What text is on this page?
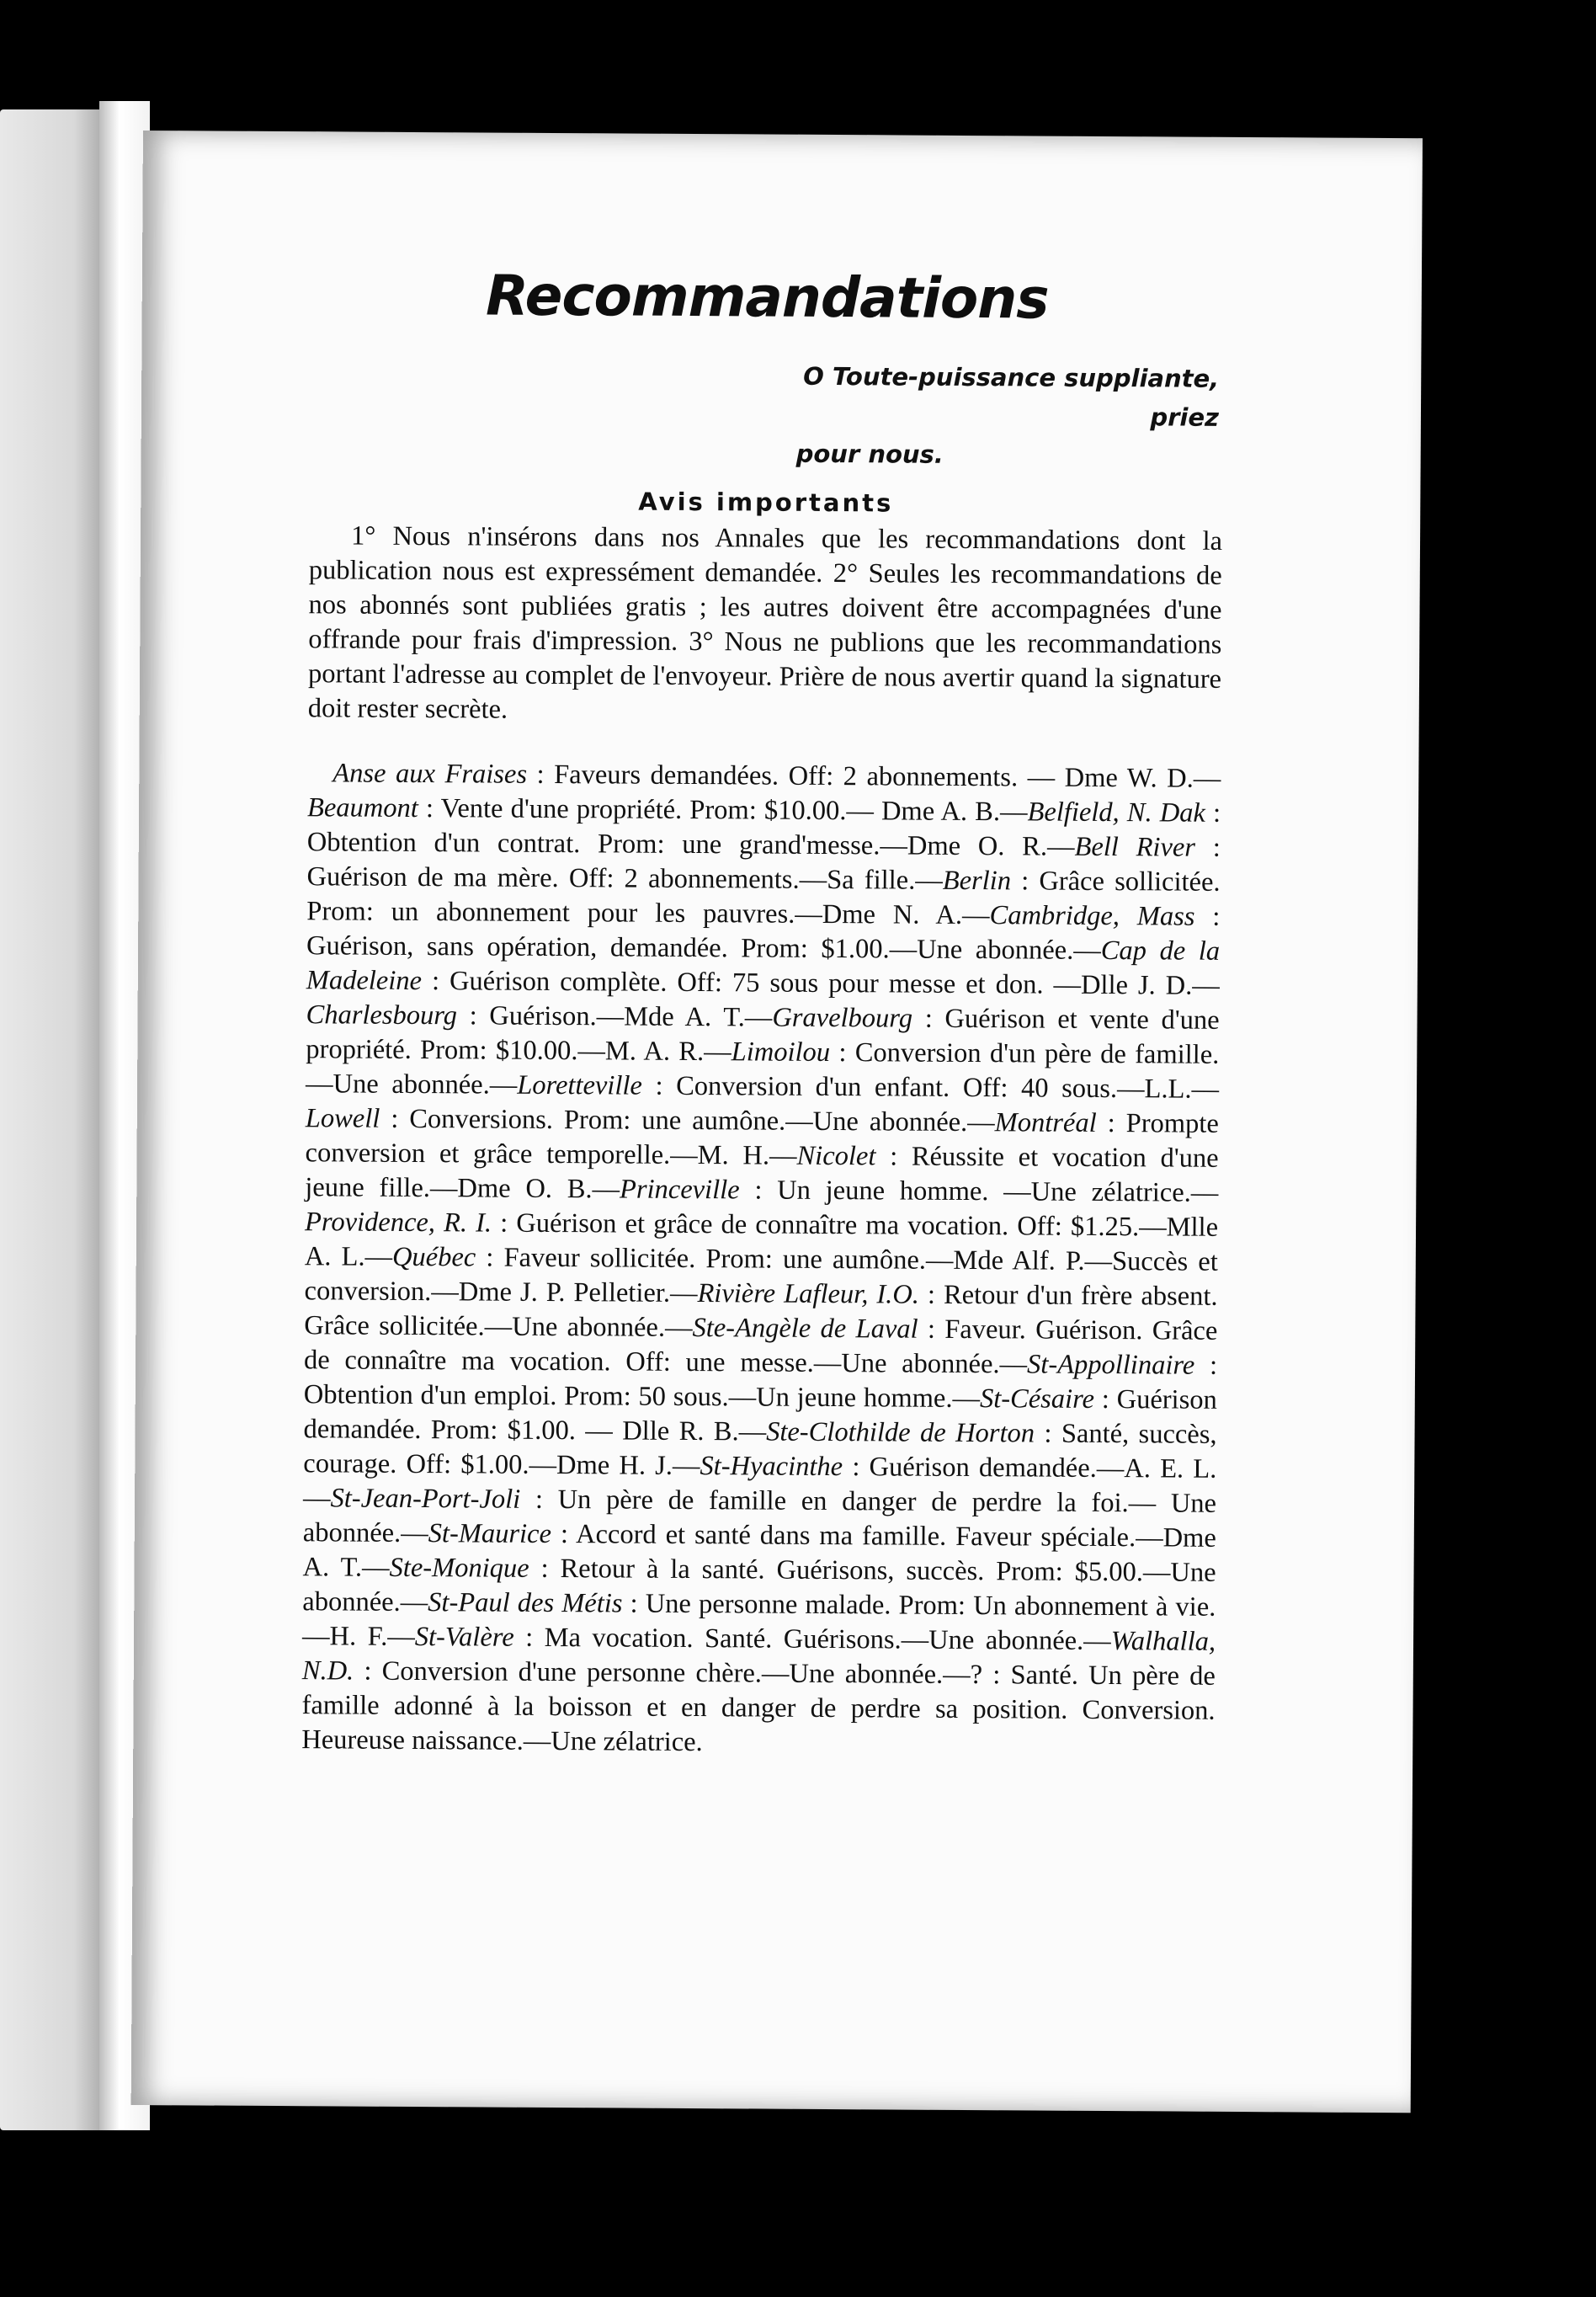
Recommandations
O Toute-puissance suppliante, priez
pour nous.
Avis importants

1° Nous n'insérons dans nos Annales que les recommandations dont la publication nous est expressément demandée. 2° Seules les recommandations de nos abonnés sont publiées gratis ; les autres doivent être accompagnées d'une offrande pour frais d'impression. 3° Nous ne publions que les recommandations portant l'adresse au complet de l'envoyeur. Prière de nous avertir quand la signature doit rester secrète.

Anse aux Fraises : Faveurs demandées. Off: 2 abonnements. — Dme W. D.—Beaumont : Vente d'une propriété. Prom: $10.00.— Dme A. B.—Belfield, N. Dak : Obtention d'un contrat. Prom: une grand'messe.—Dme O. R.—Bell River : Guérison de ma mère. Off: 2 abonnements.—Sa fille.—Berlin : Grâce sollicitée. Prom: un abonnement pour les pauvres.—Dme N. A.—Cambridge, Mass : Guérison, sans opération, demandée. Prom: $1.00.—Une abonnée.—Cap de la Madeleine : Guérison complète. Off: 75 sous pour messe et don. —Dlle J. D.—Charlesbourg : Guérison.—Mde A. T.—Gravelbourg : Guérison et vente d'une propriété. Prom: $10.00.—M. A. R.—Limoilou : Conversion d'un père de famille.—Une abonnée.—Loretteville : Conversion d'un enfant. Off: 40 sous.—L.L.—Lowell : Conversions. Prom: une aumône.—Une abonnée.—Montréal : Prompte conversion et grâce temporelle.—M. H.—Nicolet : Réussite et vocation d'une jeune fille.—Dme O. B.—Princeville : Un jeune homme. —Une zélatrice.—Providence, R. I. : Guérison et grâce de connaître ma vocation. Off: $1.25.—Mlle A. L.—Québec : Faveur sollicitée. Prom: une aumône.—Mde Alf. P.—Succès et conversion.—Dme J. P. Pelletier.—Rivière Lafleur, I.O. : Retour d'un frère absent. Grâce sollicitée.—Une abonnée.—Ste-Angèle de Laval : Faveur. Guérison. Grâce de connaître ma vocation. Off: une messe.—Une abonnée.—St-Appollinaire : Obtention d'un emploi. Prom: 50 sous.—Un jeune homme.—St-Césaire : Guérison demandée. Prom: $1.00. — Dlle R. B.—Ste-Clothilde de Horton : Santé, succès, courage. Off: $1.00.—Dme H. J.—St-Hyacinthe : Guérison demandée.—A. E. L. —St-Jean-Port-Joli : Un père de famille en danger de perdre la foi.— Une abonnée.—St-Maurice : Accord et santé dans ma famille. Faveur spéciale.—Dme A. T.—Ste-Monique : Retour à la santé. Guérisons, succès. Prom: $5.00.—Une abonnée.—St-Paul des Métis : Une personne malade. Prom: Un abonnement à vie.—H. F.—St-Valère : Ma vocation. Santé. Guérisons.—Une abonnée.—Walhalla, N.D. : Conversion d'une personne chère.—Une abonnée.—? : Santé. Un père de famille adonné à la boisson et en danger de perdre sa position. Conversion. Heureuse naissance.—Une zélatrice.
